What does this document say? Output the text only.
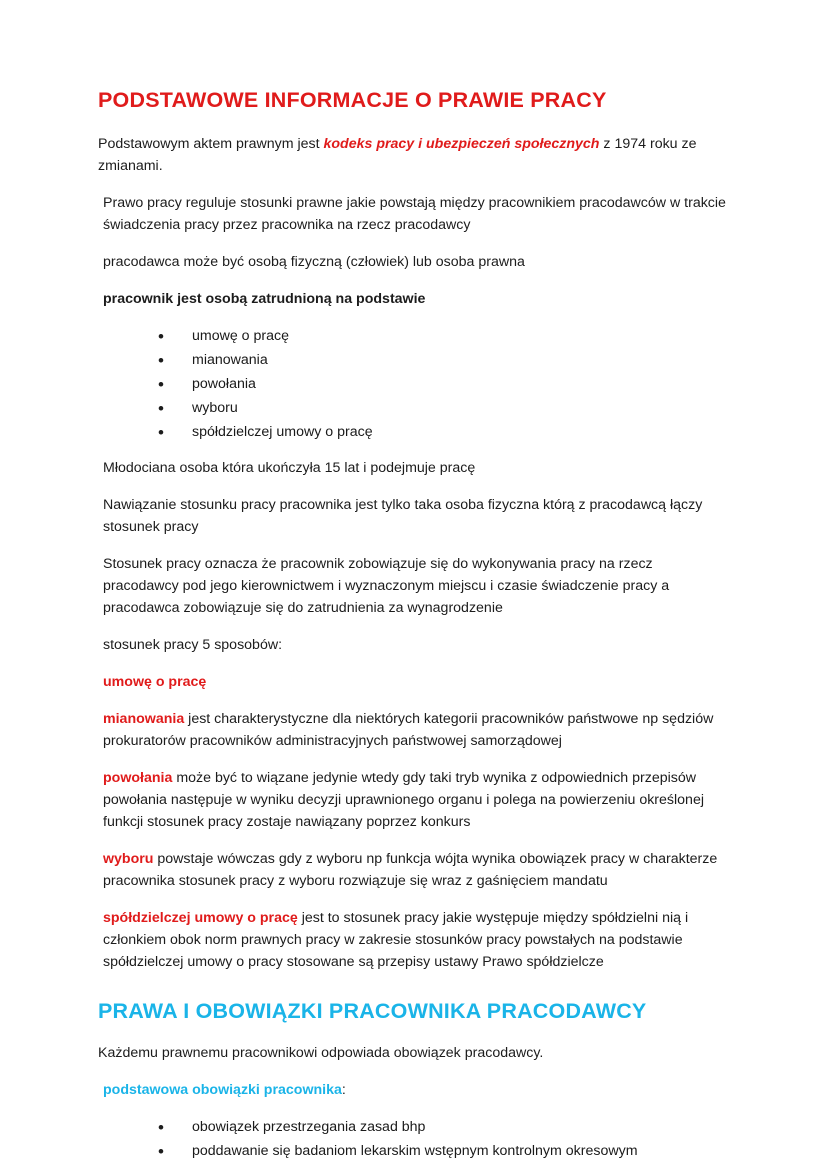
PODSTAWOWE INFORMACJE O PRAWIE PRACY

Podstawowym aktem prawnym jest kodeks pracy i ubezpieczeń społecznych z 1974 roku ze zmianami.

Prawo pracy reguluje stosunki prawne jakie powstają między pracownikiem pracodawców w trakcie świadczenia pracy przez pracownika na rzecz pracodawcy

pracodawca może być osobą fizyczną (człowiek) lub osoba prawna

pracownik jest osobą zatrudnioną na podstawie

• umowę o pracę
• mianowania
• powołania
• wyboru
• spółdzielczej umowy o pracę

Młodociana osoba która ukończyła 15 lat i podejmuje pracę

Nawiązanie stosunku pracy pracownika jest tylko taka osoba fizyczna którą z pracodawcą łączy stosunek pracy

Stosunek pracy oznacza że pracownik zobowiązuje się do wykonywania pracy na rzecz pracodawcy pod jego kierownictwem i wyznaczonym miejscu i czasie świadczenie pracy a pracodawca zobowiązuje się do zatrudnienia za wynagrodzenie

stosunek pracy 5 sposobów:

umowę o pracę

mianowania jest charakterystyczne dla niektórych kategorii pracowników państwowe np sędziów prokuratorów pracowników administracyjnych państwowej samorządowej

powołania może być to wiązane jedynie wtedy gdy taki tryb wynika z odpowiednich przepisów powołania następuje w wyniku decyzji uprawnionego organu i polega na powierzeniu określonej funkcji stosunek pracy zostaje nawiązany poprzez konkurs

wyboru powstaje wówczas gdy z wyboru np funkcja wójta wynika obowiązek pracy w charakterze pracownika stosunek pracy z wyboru rozwiązuje się wraz z gaśnięciem mandatu

spółdzielczej umowy o pracę jest to stosunek pracy jakie występuje między spółdzielni nią i członkiem obok norm prawnych pracy w zakresie stosunków pracy powstałych na podstawie spółdzielczej umowy o pracy stosowane są przepisy ustawy Prawo spółdzielcze

PRAWA I OBOWIĄZKI PRACOWNIKA PRACODAWCY

Każdemu prawnemu pracownikowi odpowiada obowiązek pracodawcy.

podstawowa obowiązki pracownika:

• obowiązek przestrzegania zasad bhp
• poddawanie się badaniom lekarskim wstępnym kontrolnym okresowym
